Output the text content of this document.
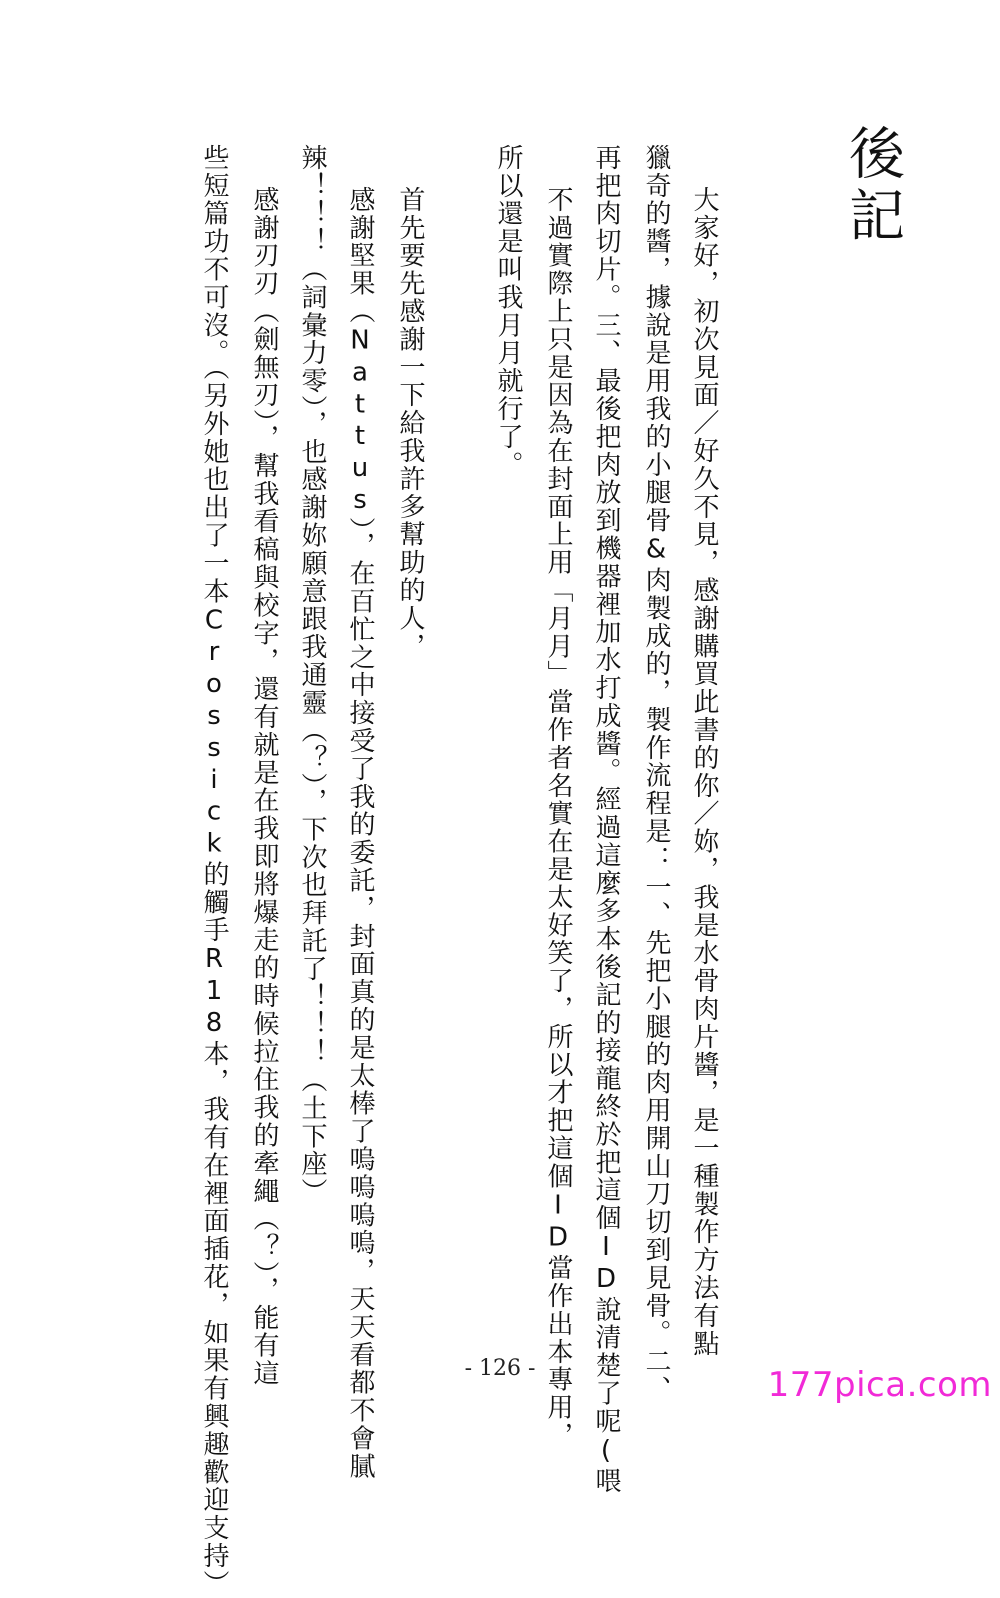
後記
大家好，初次見面／好久不見，感謝購買此書的你／妳，我是水骨肉片醬，是一種製作方法有點
獵奇的醬，據說是用我的小腿骨&肉製成的，製作流程是：一、先把小腿的肉用開山刀切到見骨。二、
再把肉切片。三、最後把肉放到機器裡加水打成醬。經過這麼多本後記的接龍終於把這個ID說清楚了呢(喂
不過實際上只是因為在封面上用「月月」當作者名實在是太好笑了，所以才把這個ID當作出本專用，
所以還是叫我月月就行了。
首先要先感謝一下給我許多幫助的人，
感謝堅果（Nattus），在百忙之中接受了我的委託，封面真的是太棒了嗚嗚嗚嗚，天天看都不會膩
辣！！！（詞彙力零），也感謝妳願意跟我通靈（？），下次也拜託了！！！（土下座）
感謝刃刃（劍無刃），幫我看稿與校字，還有就是在我即將爆走的時候拉住我的牽繩（？），能有這
些短篇功不可沒。（另外她也出了一本Crossick的觸手R18本，我有在裡面插花，如果有興趣歡迎支持）	- 126 -	177pica.com
